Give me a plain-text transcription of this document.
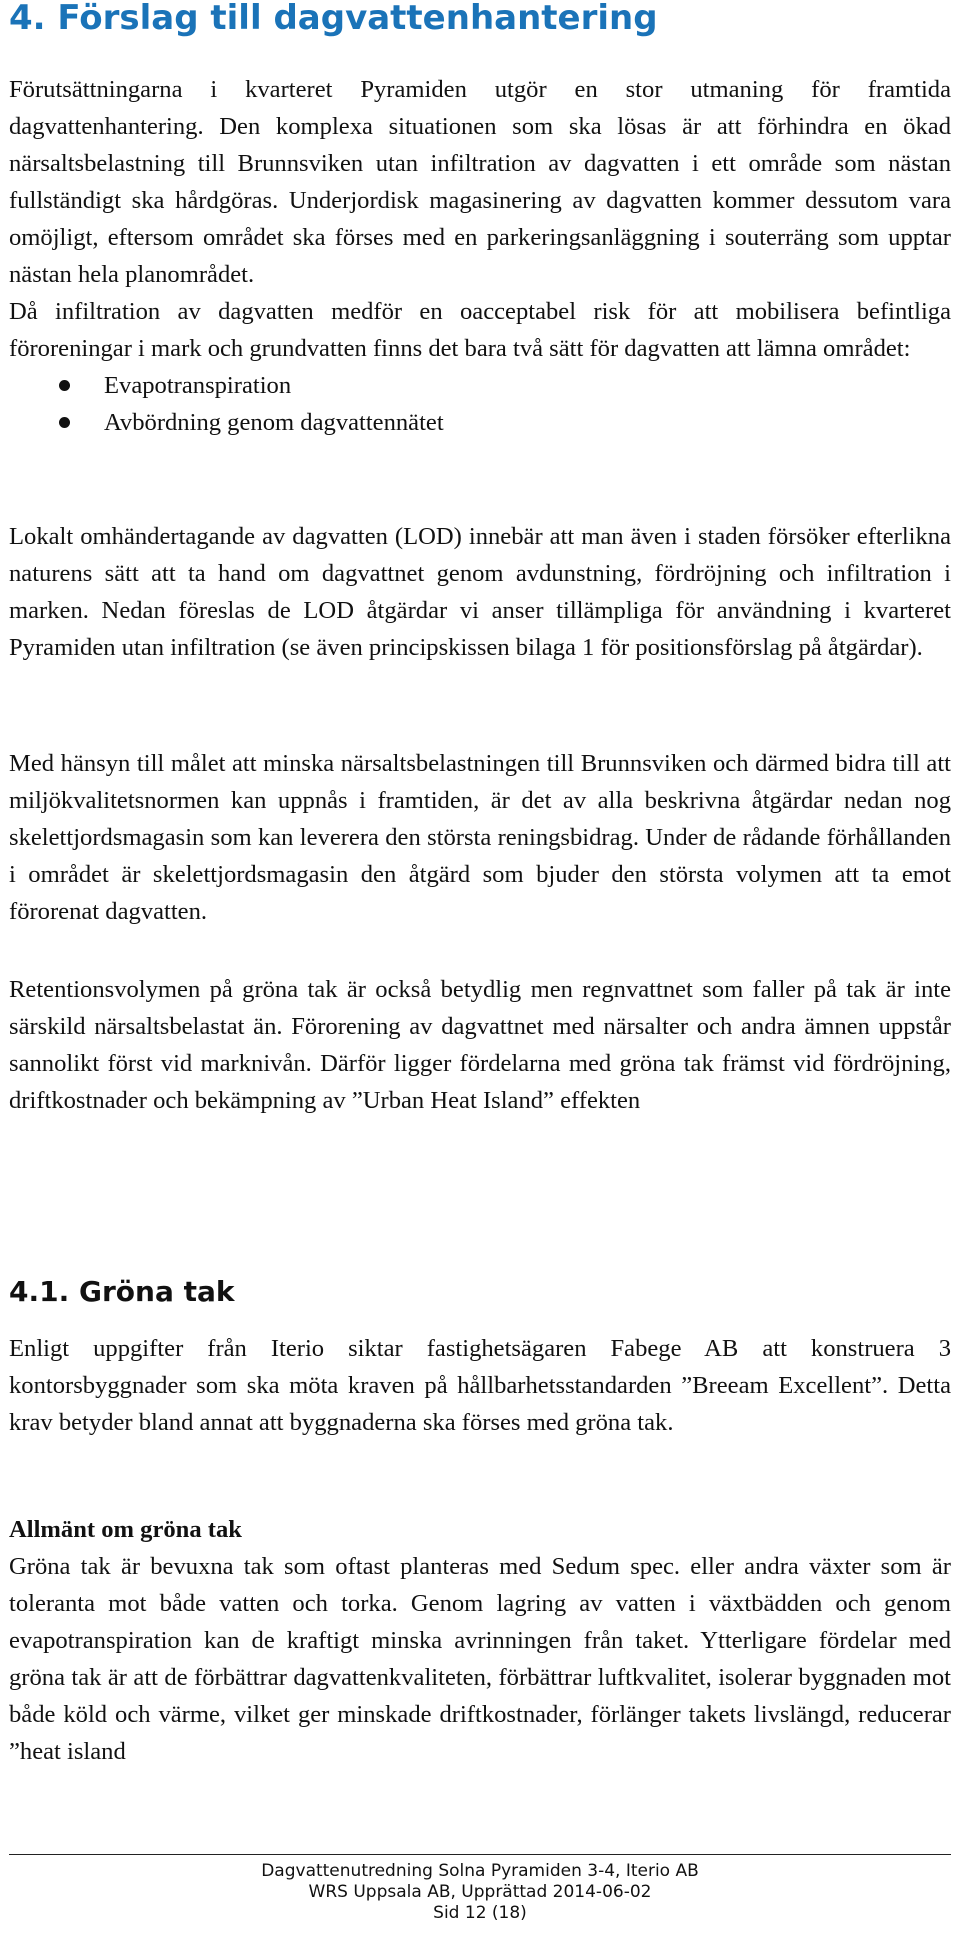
4. Förslag till dagvattenhantering

Förutsättningarna i kvarteret Pyramiden utgör en stor utmaning för framtida dagvattenhantering. Den komplexa situationen som ska lösas är att förhindra en ökad närsaltsbelastning till Brunnsviken utan infiltration av dagvatten i ett område som nästan fullständigt ska hårdgöras. Underjordisk magasinering av dagvatten kommer dessutom vara omöjligt, eftersom området ska förses med en parkeringsanläggning i souterräng som upptar nästan hela planområdet.

Då infiltration av dagvatten medför en oacceptabel risk för att mobilisera befintliga föroreningar i mark och grundvatten finns det bara två sätt för dagvatten att lämna området:

Evapotranspiration
Avbördning genom dagvattennätet

Lokalt omhändertagande av dagvatten (LOD) innebär att man även i staden försöker efterlikna naturens sätt att ta hand om dagvattnet genom avdunstning, fördröjning och infiltration i marken. Nedan föreslas de LOD åtgärdar vi anser tillämpliga för användning i kvarteret Pyramiden utan infiltration (se även principskissen bilaga 1 för positionsförslag på åtgärdar).

Med hänsyn till målet att minska närsaltsbelastningen till Brunnsviken och därmed bidra till att miljökvalitetsnormen kan uppnås i framtiden, är det av alla beskrivna åtgärdar nedan nog skelettjordsmagasin som kan leverera den största reningsbidrag. Under de rådande förhållanden i området är skelettjordsmagasin den åtgärd som bjuder den största volymen att ta emot förorenat dagvatten.

Retentionsvolymen på gröna tak är också betydlig men regnvattnet som faller på tak är inte särskild närsaltsbelastat än. Förorening av dagvattnet med närsalter och andra ämnen uppstår sannolikt först vid marknivån. Därför ligger fördelarna med gröna tak främst vid fördröjning, driftkostnader och bekämpning av ”Urban Heat Island” effekten

4.1. Gröna tak

Enligt uppgifter från Iterio siktar fastighetsägaren Fabege AB att konstruera 3 kontorsbyggnader som ska möta kraven på hållbarhetsstandarden ”Breeam Excellent”. Detta krav betyder bland annat att byggnaderna ska förses med gröna tak.

Allmänt om gröna tak

Gröna tak är bevuxna tak som oftast planteras med Sedum spec. eller andra växter som är toleranta mot både vatten och torka. Genom lagring av vatten i växtbädden och genom evapotranspiration kan de kraftigt minska avrinningen från taket. Ytterligare fördelar med gröna tak är att de förbättrar dagvattenkvaliteten, förbättrar luftkvalitet, isolerar byggnaden mot både köld och värme, vilket ger minskade driftkostnader, förlänger takets livslängd, reducerar ”heat island

Dagvattenutredning Solna Pyramiden 3-4, Iterio AB
WRS Uppsala AB, Upprättad 2014-06-02
Sid 12 (18)
